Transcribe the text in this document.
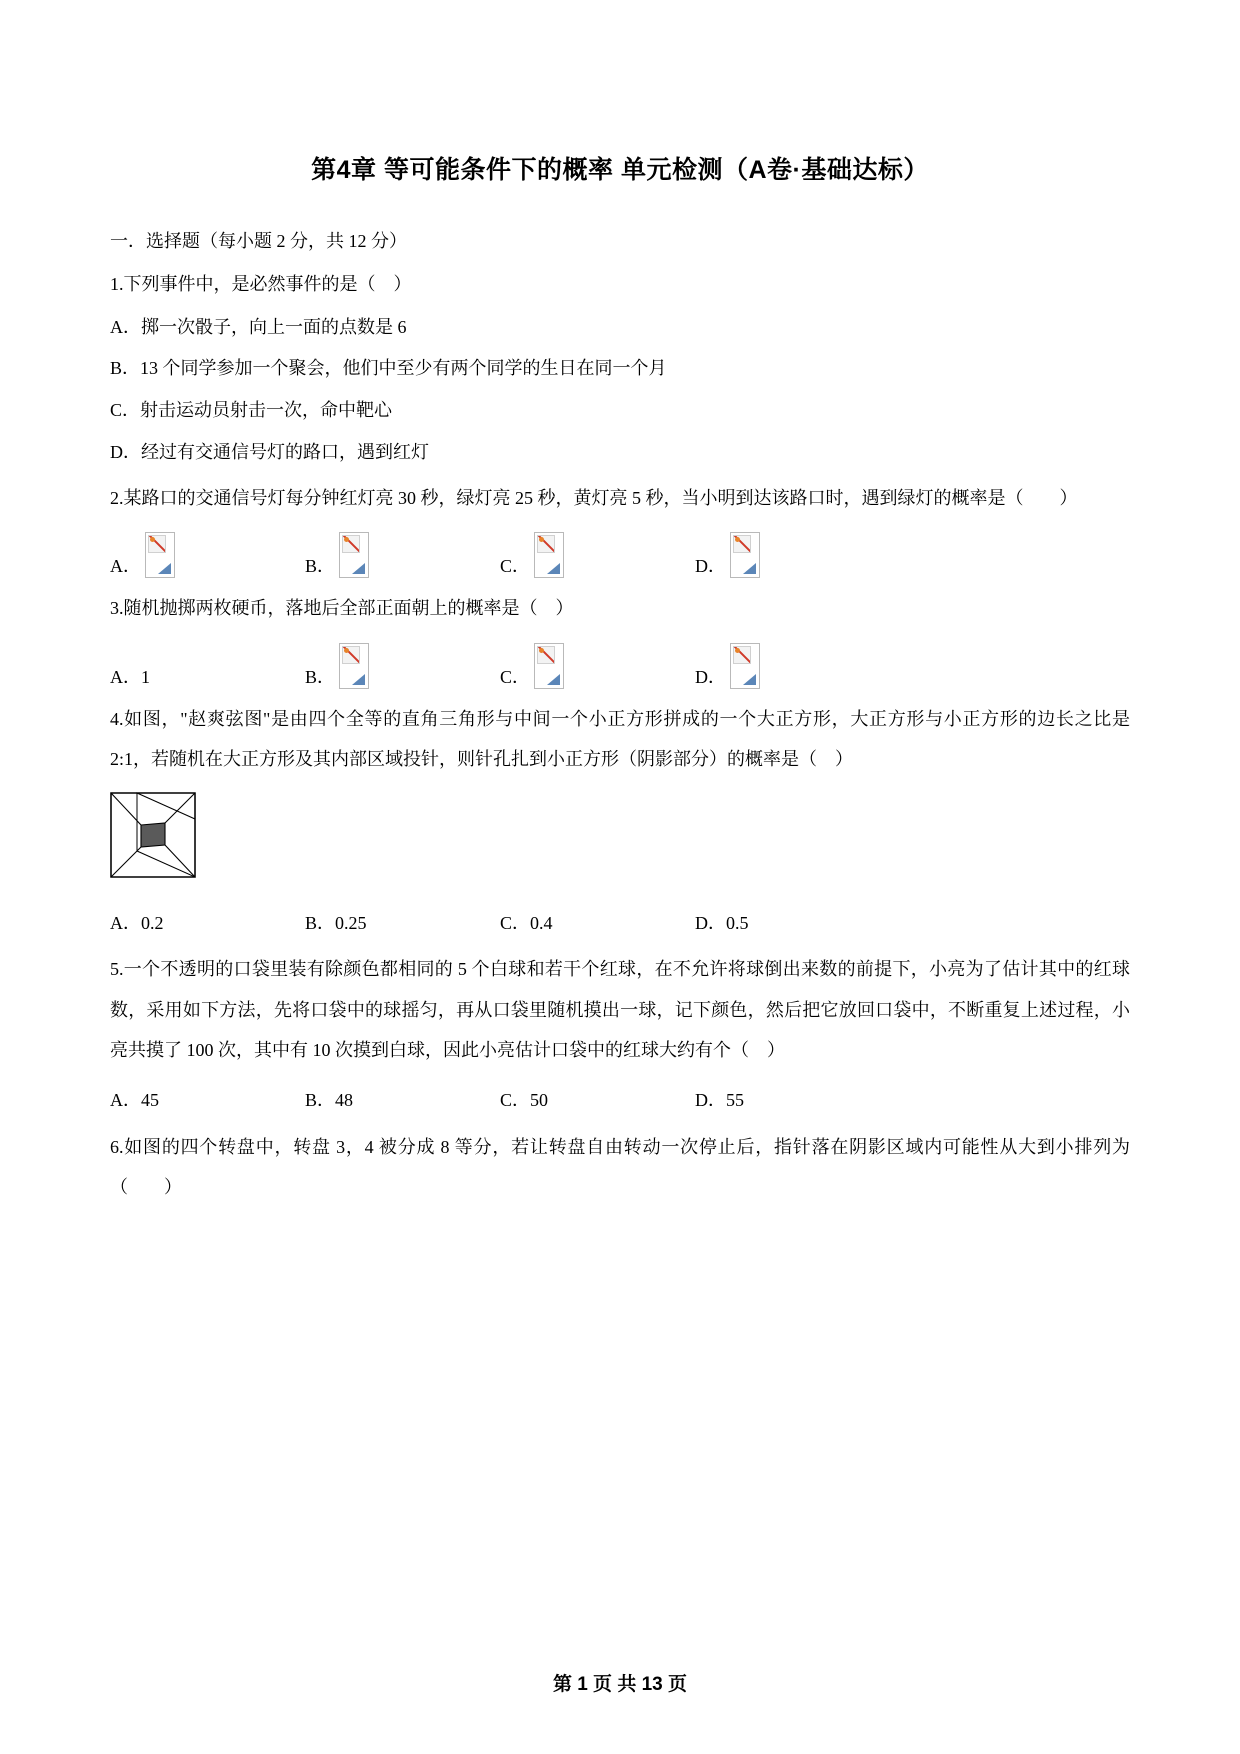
第4章 等可能条件下的概率 单元检测（A卷·基础达标）
一．选择题（每小题 2 分，共 12 分）
1.下列事件中，是必然事件的是（　）
A．掷一次骰子，向上一面的点数是 6
B．13 个同学参加一个聚会，他们中至少有两个同学的生日在同一个月
C．射击运动员射击一次，命中靶心
D．经过有交通信号灯的路口，遇到红灯
2.某路口的交通信号灯每分钟红灯亮 30 秒，绿灯亮 25 秒，黄灯亮 5 秒，当小明到达该路口时，遇到绿灯的概率是（　　）
A．	B．	C．	D．
3.随机抛掷两枚硬币，落地后全部正面朝上的概率是（　）
A．1	B．	C．	D．
4.如图，"赵爽弦图"是由四个全等的直角三角形与中间一个小正方形拼成的一个大正方形，大正方形与小正方形的边长之比是 2:1，若随机在大正方形及其内部区域投针，则针孔扎到小正方形（阴影部分）的概率是（　）
A．0.2	B．0.25	C．0.4	D．0.5
5.一个不透明的口袋里装有除颜色都相同的 5 个白球和若干个红球，在不允许将球倒出来数的前提下，小亮为了估计其中的红球数，采用如下方法，先将口袋中的球摇匀，再从口袋里随机摸出一球，记下颜色，然后把它放回口袋中，不断重复上述过程，小亮共摸了 100 次，其中有 10 次摸到白球，因此小亮估计口袋中的红球大约有个（　）
A．45	B．48	C．50	D．55
6.如图的四个转盘中，转盘 3，4 被分成 8 等分，若让转盘自由转动一次停止后，指针落在阴影区域内可能性从大到小排列为（　　）
第 1 页 共 13 页
